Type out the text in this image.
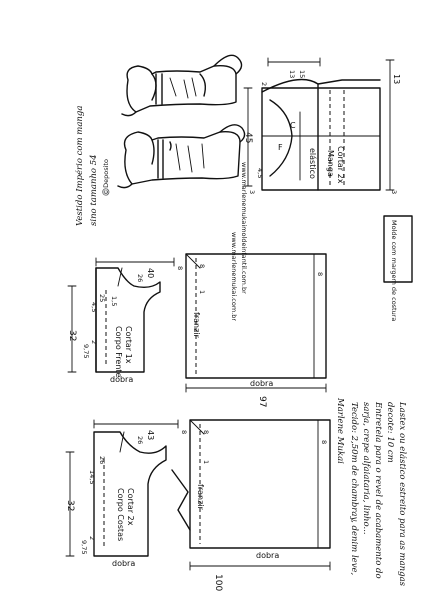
Vestido Império com manga sino tamanho 54
www.marlenemukai.com.br www.marlenemukaimoldeinfantil.com.br
©️Deposito
C
F
elástico Manga Cortar 2x
13 15	13
45
4,5
2
3	3
Molde com margem de costura
Corpo Frente Cortar 1x
dobra
32
9,75
4,5
2
1,5
40
26
25
franzir
dobra
97
8
1
8
8
Corpo Costas Cortar 2x
dobra
32
9,75
14,5
2
43
26
26
franzir
dobra
100
8
1
8
8	Marlene Mukai Tecido: 2,50m de chambray, denim leve, sarja, crepe alfaiataria, linho... Entretela para o revel de acabamento do decote: 10 cm Lastex ou elástico estreito para as mangas
